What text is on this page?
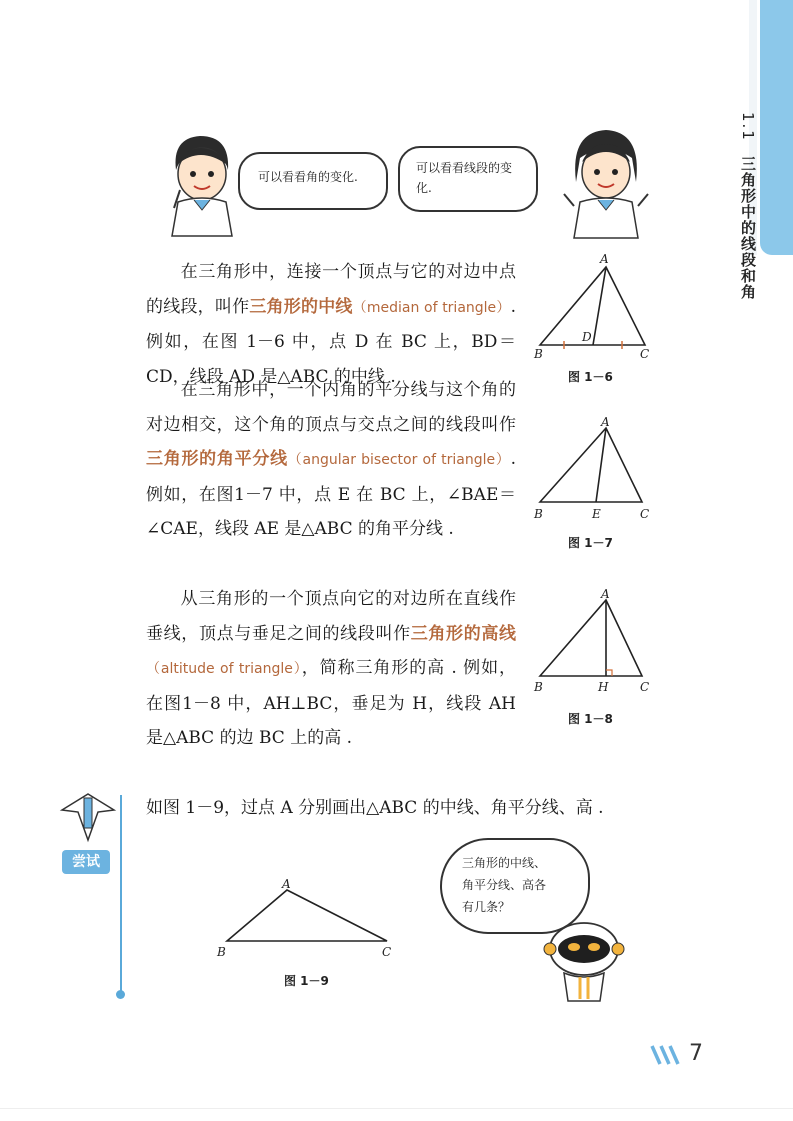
1.1
三角形中的线段和角
可以看看角的变化.
可以看看线段的变化.
在三角形中，连接一个顶点与它的对边中点的线段，叫作三角形的中线（median of triangle）. 例如，在图 1－6 中，点 D 在 BC 上，BD＝CD，线段 AD 是△ABC 的中线 .
在三角形中，一个内角的平分线与这个角的对边相交，这个角的顶点与交点之间的线段叫作三角形的角平分线（angular bisector of triangle）. 例如，在图1－7 中，点 E 在 BC 上，∠BAE＝∠CAE，线段 AE 是△ABC 的角平分线 .
从三角形的一个顶点向它的对边所在直线作垂线，顶点与垂足之间的线段叫作三角形的高线（altitude of triangle），简称三角形的高 . 例如，在图1－8 中，AH⊥BC，垂足为 H，线段 AH 是△ABC 的边 BC 上的高 .
A
B	C
D
图 1－6
A
B	C
E
图 1－7
A
B	C
H
图 1－8
尝试
如图 1－9，过点 A 分别画出△ABC 的中线、角平分线、高 .
A
B	C
图 1－9
三角形的中线、
角平分线、高各
有几条？
7
